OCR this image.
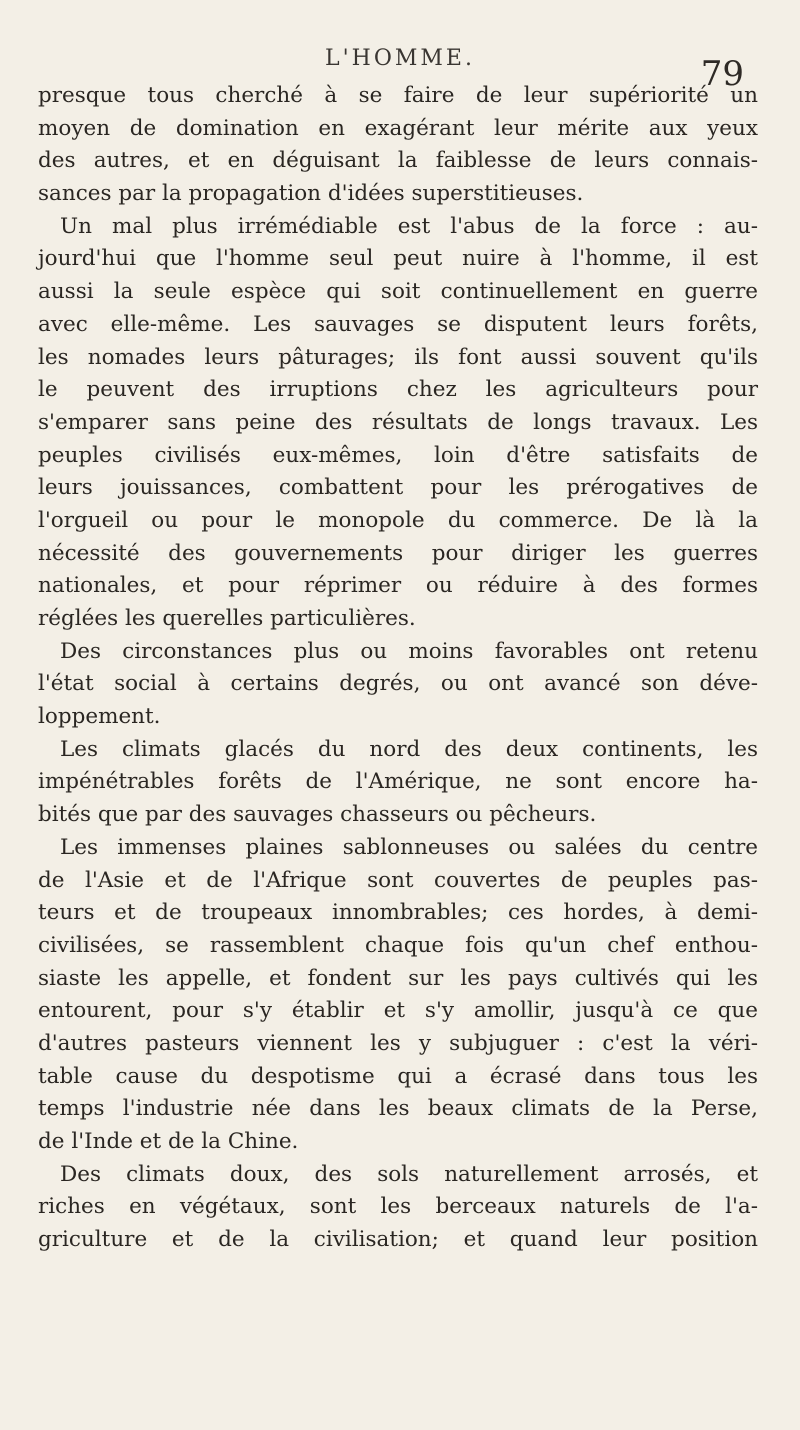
L'HOMME.	79
presque tous cherché à se faire de leur supériorité un
moyen de domination en exagérant leur mérite aux yeux
des autres, et en déguisant la faiblesse de leurs connais-
sances par la propagation d'idées superstitieuses.
Un mal plus irrémédiable est l'abus de la force : au-
jourd'hui que l'homme seul peut nuire à l'homme, il est
aussi la seule espèce qui soit continuellement en guerre
avec elle-même. Les sauvages se disputent leurs forêts,
les nomades leurs pâturages; ils font aussi souvent qu'ils
le peuvent des irruptions chez les agriculteurs pour
s'emparer sans peine des résultats de longs travaux. Les
peuples civilisés eux-mêmes, loin d'être satisfaits de
leurs jouissances, combattent pour les prérogatives de
l'orgueil ou pour le monopole du commerce. De là la
nécessité des gouvernements pour diriger les guerres
nationales, et pour réprimer ou réduire à des formes
réglées les querelles particulières.
Des circonstances plus ou moins favorables ont retenu
l'état social à certains degrés, ou ont avancé son déve-
loppement.
Les climats glacés du nord des deux continents, les
impénétrables forêts de l'Amérique, ne sont encore ha-
bités que par des sauvages chasseurs ou pêcheurs.
Les immenses plaines sablonneuses ou salées du centre
de l'Asie et de l'Afrique sont couvertes de peuples pas-
teurs et de troupeaux innombrables; ces hordes, à demi-
civilisées, se rassemblent chaque fois qu'un chef enthou-
siaste les appelle, et fondent sur les pays cultivés qui les
entourent, pour s'y établir et s'y amollir, jusqu'à ce que
d'autres pasteurs viennent les y subjuguer : c'est la véri-
table cause du despotisme qui a écrasé dans tous les
temps l'industrie née dans les beaux climats de la Perse,
de l'Inde et de la Chine.
Des climats doux, des sols naturellement arrosés, et
riches en végétaux, sont les berceaux naturels de l'a-
griculture et de la civilisation; et quand leur position
